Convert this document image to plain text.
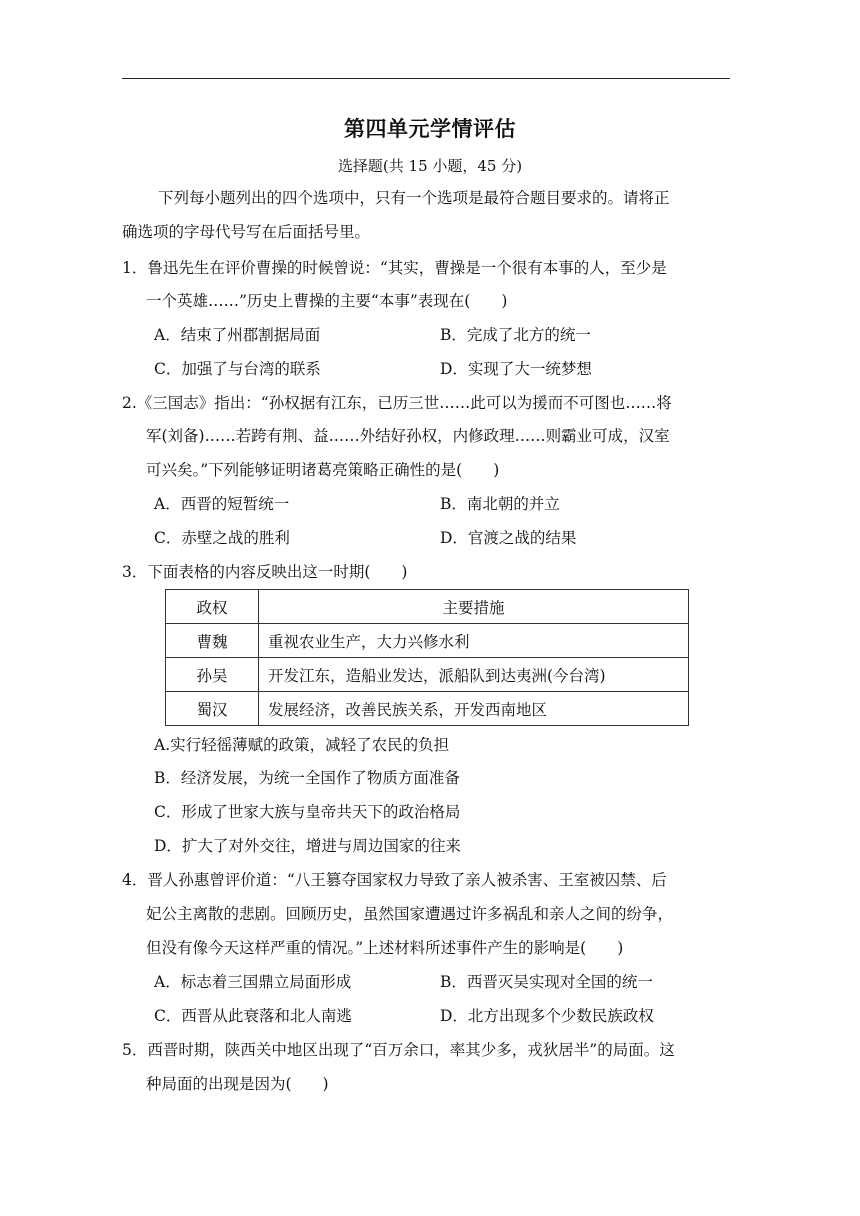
第四单元学情评估
选择题(共 15 小题，45 分)
下列每小题列出的四个选项中，只有一个选项是最符合题目要求的。请将正
确选项的字母代号写在后面括号里。
1．鲁迅先生在评价曹操的时候曾说：“其实，曹操是一个很有本事的人，至少是
一个英雄……”历史上曹操的主要“本事”表现在(　　)
A．结束了州郡割据局面	B．完成了北方的统一
C．加强了与台湾的联系	D．实现了大一统梦想
2.《三国志》指出：“孙权据有江东，已历三世……此可以为援而不可图也……将
军(刘备)……若跨有荆、益……外结好孙权，内修政理……则霸业可成，汉室
可兴矣。”下列能够证明诸葛亮策略正确性的是(　　)
A．西晋的短暂统一	B．南北朝的并立
C．赤壁之战的胜利	D．官渡之战的结果
3．下面表格的内容反映出这一时期(　　)
政权	主要措施
曹魏	重视农业生产，大力兴修水利
孙吴	开发江东，造船业发达，派船队到达夷洲(今台湾)
蜀汉	发展经济，改善民族关系，开发西南地区
A.实行轻徭薄赋的政策，减轻了农民的负担
B．经济发展，为统一全国作了物质方面准备
C．形成了世家大族与皇帝共天下的政治格局
D．扩大了对外交往，增进与周边国家的往来
4．晋人孙惠曾评价道：“八王篡夺国家权力导致了亲人被杀害、王室被囚禁、后
妃公主离散的悲剧。回顾历史，虽然国家遭遇过许多祸乱和亲人之间的纷争，
但没有像今天这样严重的情况。”上述材料所述事件产生的影响是(　　)
A．标志着三国鼎立局面形成	B．西晋灭吴实现对全国的统一
C．西晋从此衰落和北人南逃	D．北方出现多个少数民族政权
5．西晋时期，陕西关中地区出现了“百万余口，率其少多，戎狄居半”的局面。这
种局面的出现是因为(　　)
